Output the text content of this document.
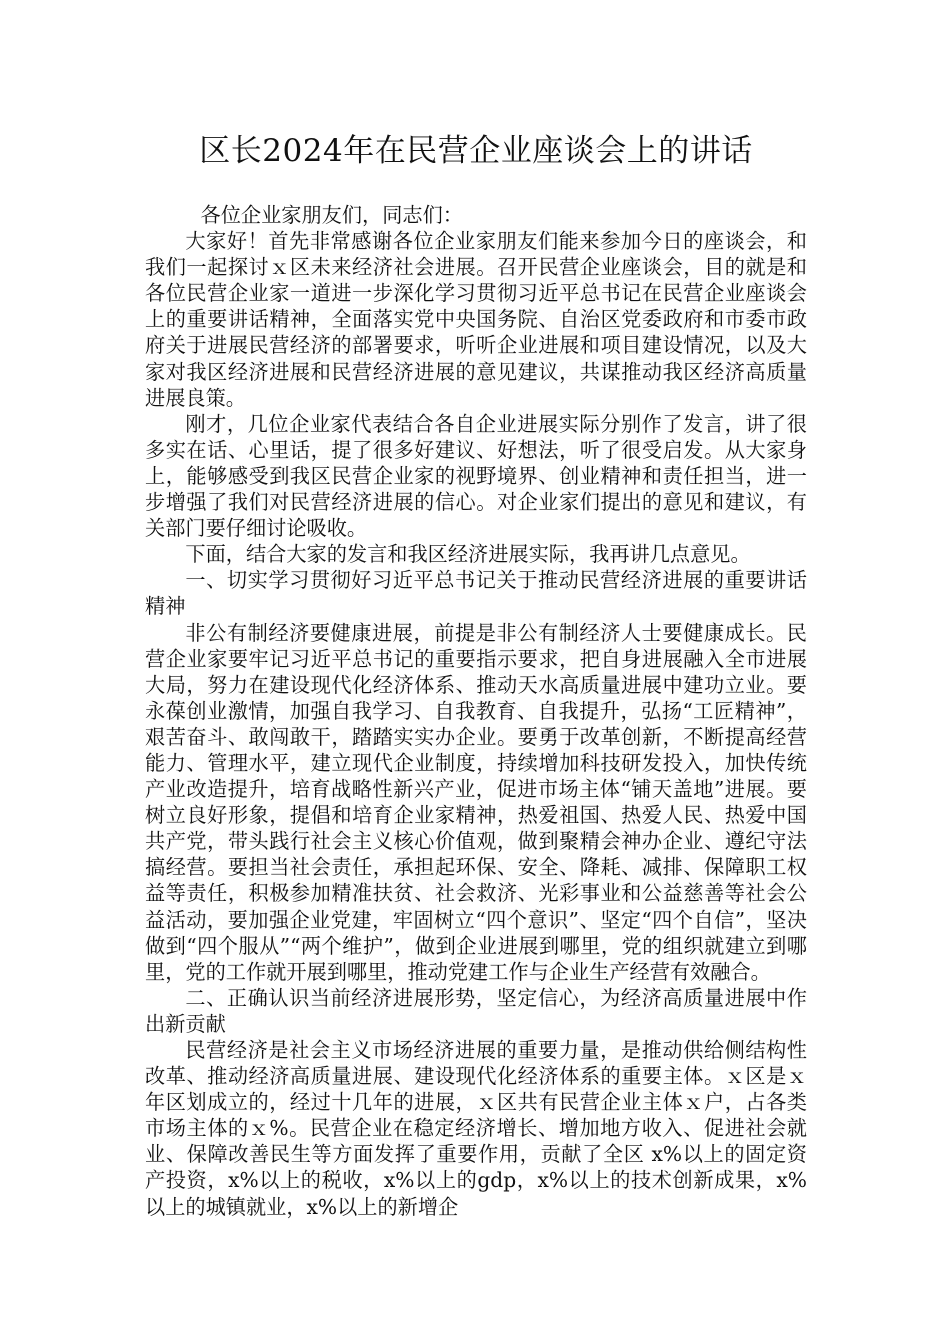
区长2024年在民营企业座谈会上的讲话

各位企业家朋友们，同志们：

大家好！首先非常感谢各位企业家朋友们能来参加今日的座谈会，和我们一起探讨ｘ区未来经济社会进展。召开民营企业座谈会，目的就是和各位民营企业家一道进一步深化学习贯彻习近平总书记在民营企业座谈会上的重要讲话精神，全面落实党中央国务院、自治区党委政府和市委市政府关于进展民营经济的部署要求，听听企业进展和项目建设情况，以及大家对我区经济进展和民营经济进展的意见建议，共谋推动我区经济高质量进展良策。

刚才，几位企业家代表结合各自企业进展实际分别作了发言，讲了很多实在话、心里话，提了很多好建议、好想法，听了很受启发。从大家身上，能够感受到我区民营企业家的视野境界、创业精神和责任担当，进一步增强了我们对民营经济进展的信心。对企业家们提出的意见和建议，有关部门要仔细讨论吸收。

下面，结合大家的发言和我区经济进展实际，我再讲几点意见。

一、切实学习贯彻好习近平总书记关于推动民营经济进展的重要讲话精神

非公有制经济要健康进展，前提是非公有制经济人士要健康成长。民营企业家要牢记习近平总书记的重要指示要求，把自身进展融入全市进展大局，努力在建设现代化经济体系、推动天水高质量进展中建功立业。要永葆创业激情，加强自我学习、自我教育、自我提升，弘扬“工匠精神”，艰苦奋斗、敢闯敢干，踏踏实实办企业。要勇于改革创新，不断提高经营能力、管理水平，建立现代企业制度，持续增加科技研发投入，加快传统产业改造提升，培育战略性新兴产业，促进市场主体“铺天盖地”进展。要树立良好形象，提倡和培育企业家精神，热爱祖国、热爱人民、热爱中国共产党，带头践行社会主义核心价值观，做到聚精会神办企业、遵纪守法搞经营。要担当社会责任，承担起环保、安全、降耗、减排、保障职工权益等责任，积极参加精准扶贫、社会救济、光彩事业和公益慈善等社会公益活动，要加强企业党建，牢固树立“四个意识”、坚定“四个自信”，坚决做到“四个服从”“两个维护”，做到企业进展到哪里，党的组织就建立到哪里，党的工作就开展到哪里，推动党建工作与企业生产经营有效融合。

二、正确认识当前经济进展形势，坚定信心，为经济高质量进展中作出新贡献

民营经济是社会主义市场经济进展的重要力量，是推动供给侧结构性改革、推动经济高质量进展、建设现代化经济体系的重要主体。ｘ区是ｘ年区划成立的，经过十几年的进展，ｘ区共有民营企业主体ｘ户，占各类市场主体的ｘ%。民营企业在稳定经济增长、增加地方收入、促进社会就业、保障改善民生等方面发挥了重要作用，贡献了全区 x%以上的固定资产投资，x%以上的税收，x%以上的gdp，x%以上的技术创新成果，x%以上的城镇就业，x%以上的新增企
